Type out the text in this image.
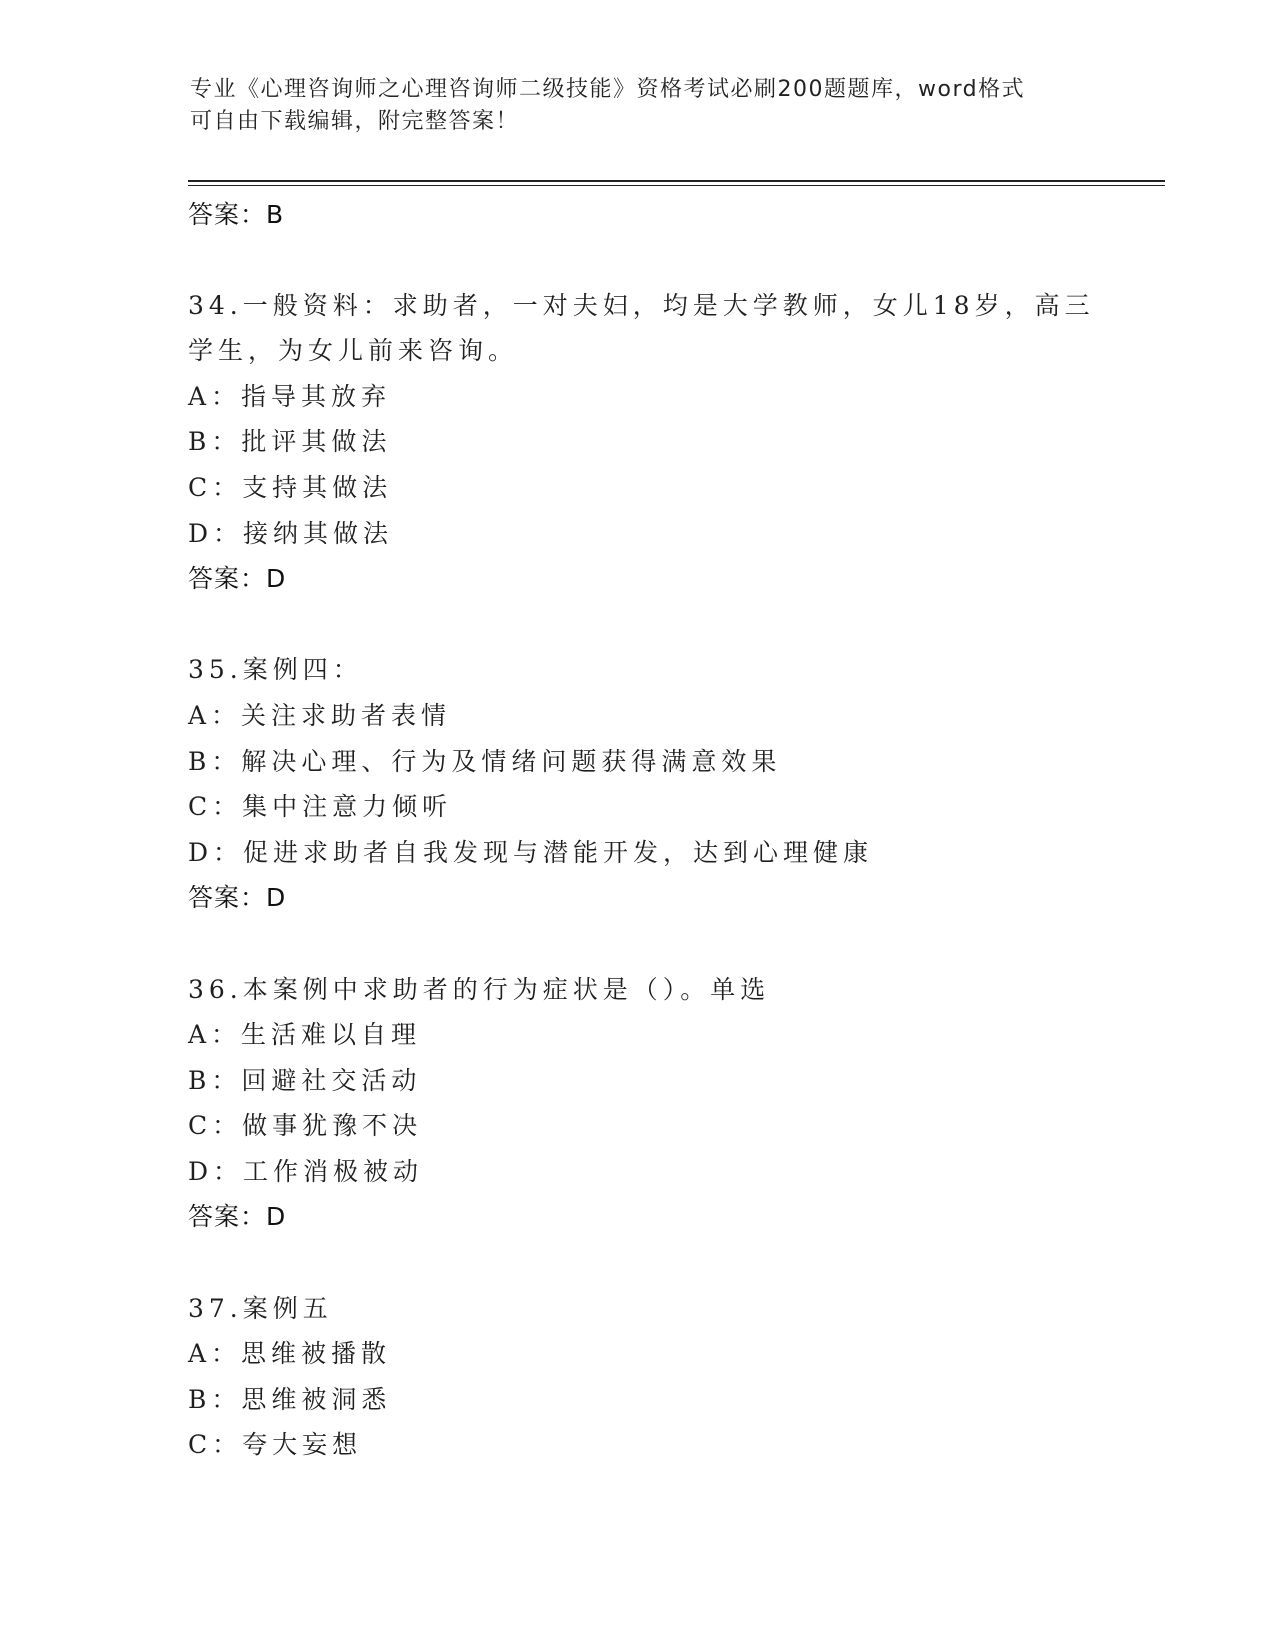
专业《心理咨询师之心理咨询师二级技能》资格考试必刷200题题库，word格式
可自由下载编辑，附完整答案！
答案：B
34.一般资料：求助者，一对夫妇，均是大学教师，女儿18岁，高三
学生，为女儿前来咨询。
A：指导其放弃
B：批评其做法
C：支持其做法
D：接纳其做法
答案：D
35.案例四：
A：关注求助者表情
B：解决心理、行为及情绪问题获得满意效果
C：集中注意力倾听
D：促进求助者自我发现与潜能开发，达到心理健康
答案：D
36.本案例中求助者的行为症状是（）。单选
A：生活难以自理
B：回避社交活动
C：做事犹豫不决
D：工作消极被动
答案：D
37.案例五
A：思维被播散
B：思维被洞悉
C：夸大妄想
